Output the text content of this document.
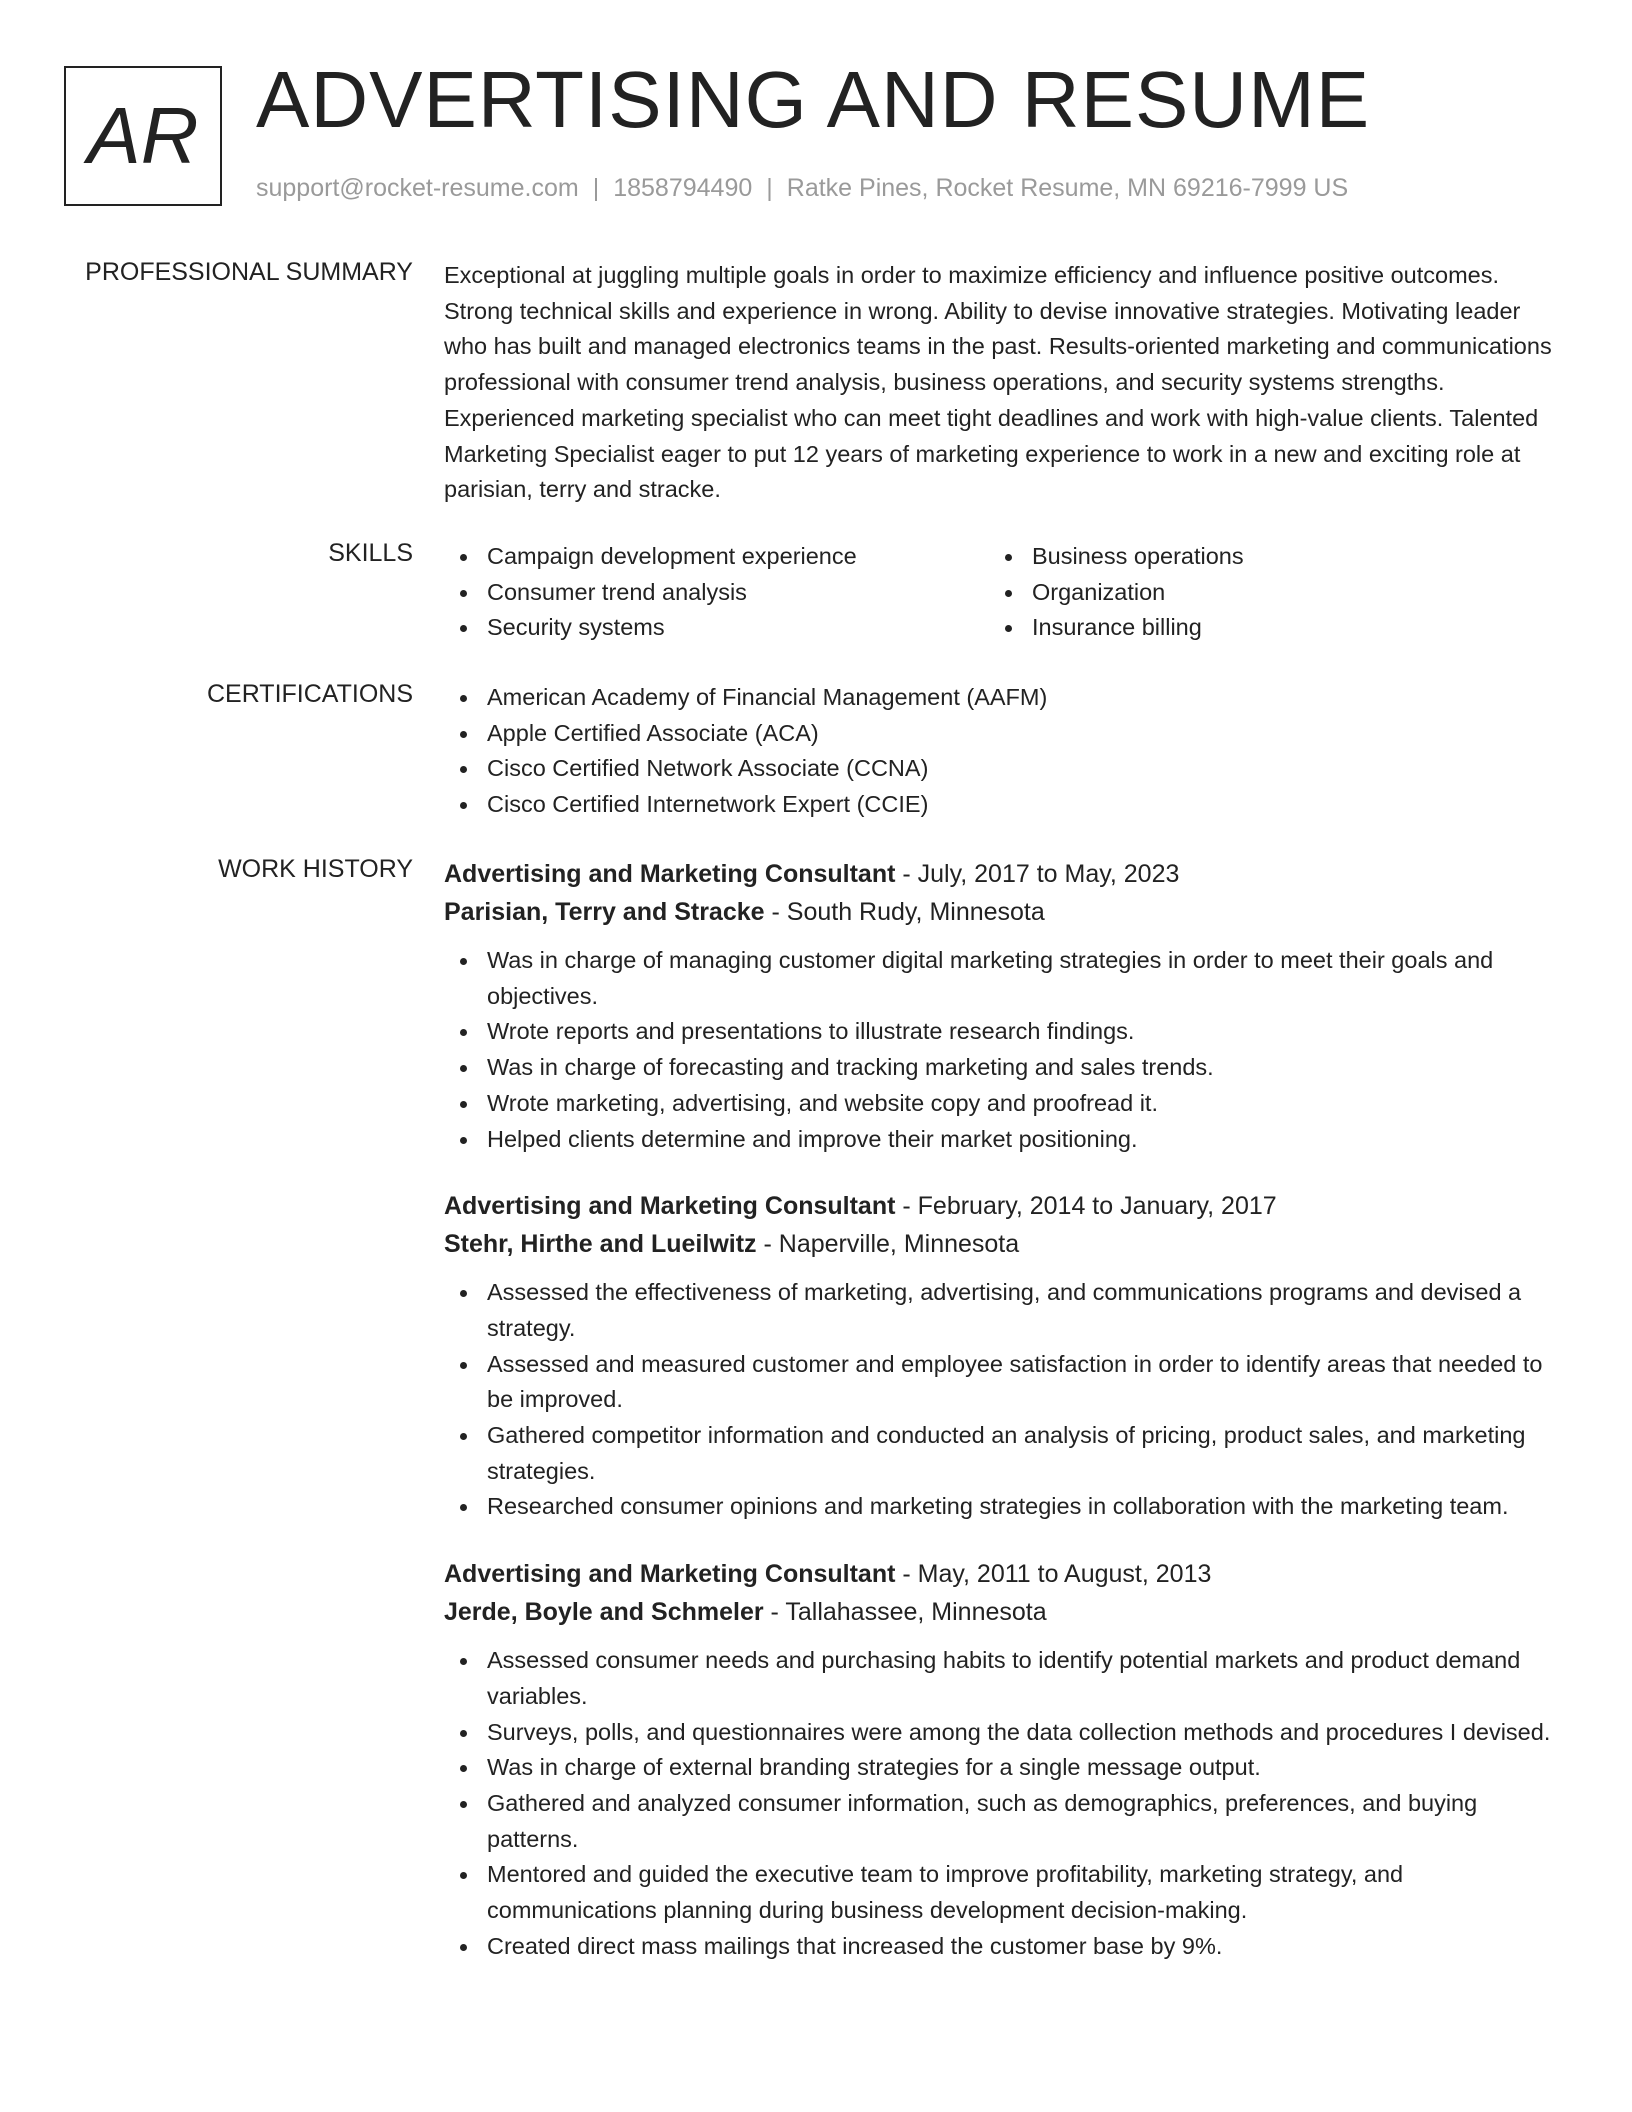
AR ADVERTISING AND RESUME
support@rocket-resume.com | 1858794490 | Ratke Pines, Rocket Resume, MN 69216-7999 US
PROFESSIONAL SUMMARY Exceptional at juggling multiple goals in order to maximize efficiency and influence positive outcomes. Strong technical skills and experience in wrong. Ability to devise innovative strategies. Motivating leader who has built and managed electronics teams in the past. Results-oriented marketing and communications professional with consumer trend analysis, business operations, and security systems strengths. Experienced marketing specialist who can meet tight deadlines and work with high-value clients. Talented Marketing Specialist eager to put 12 years of marketing experience to work in a new and exciting role at parisian, terry and stracke.
SKILLS	Campaign development experience
Consumer trend analysis
Security systems
Business operations
Organization
Insurance billing
CERTIFICATIONS	American Academy of Financial Management (AAFM)
Apple Certified Associate (ACA)
Cisco Certified Network Associate (CCNA)
Cisco Certified Internetwork Expert (CCIE)
WORK HISTORY Advertising and Marketing Consultant - July, 2017 to May, 2023
Parisian, Terry and Stracke - South Rudy, Minnesota
Was in charge of managing customer digital marketing strategies in order to meet their goals and objectives.
Wrote reports and presentations to illustrate research findings.
Was in charge of forecasting and tracking marketing and sales trends.
Wrote marketing, advertising, and website copy and proofread it.
Helped clients determine and improve their market positioning.
Advertising and Marketing Consultant - February, 2014 to January, 2017
Stehr, Hirthe and Lueilwitz - Naperville, Minnesota
Assessed the effectiveness of marketing, advertising, and communications programs and devised a strategy.
Assessed and measured customer and employee satisfaction in order to identify areas that needed to be improved.
Gathered competitor information and conducted an analysis of pricing, product sales, and marketing strategies.
Researched consumer opinions and marketing strategies in collaboration with the marketing team.
Advertising and Marketing Consultant - May, 2011 to August, 2013
Jerde, Boyle and Schmeler - Tallahassee, Minnesota
Assessed consumer needs and purchasing habits to identify potential markets and product demand variables.
Surveys, polls, and questionnaires were among the data collection methods and procedures I devised.
Was in charge of external branding strategies for a single message output.
Gathered and analyzed consumer information, such as demographics, preferences, and buying patterns.
Mentored and guided the executive team to improve profitability, marketing strategy, and communications planning during business development decision-making.
Created direct mass mailings that increased the customer base by 9%.
